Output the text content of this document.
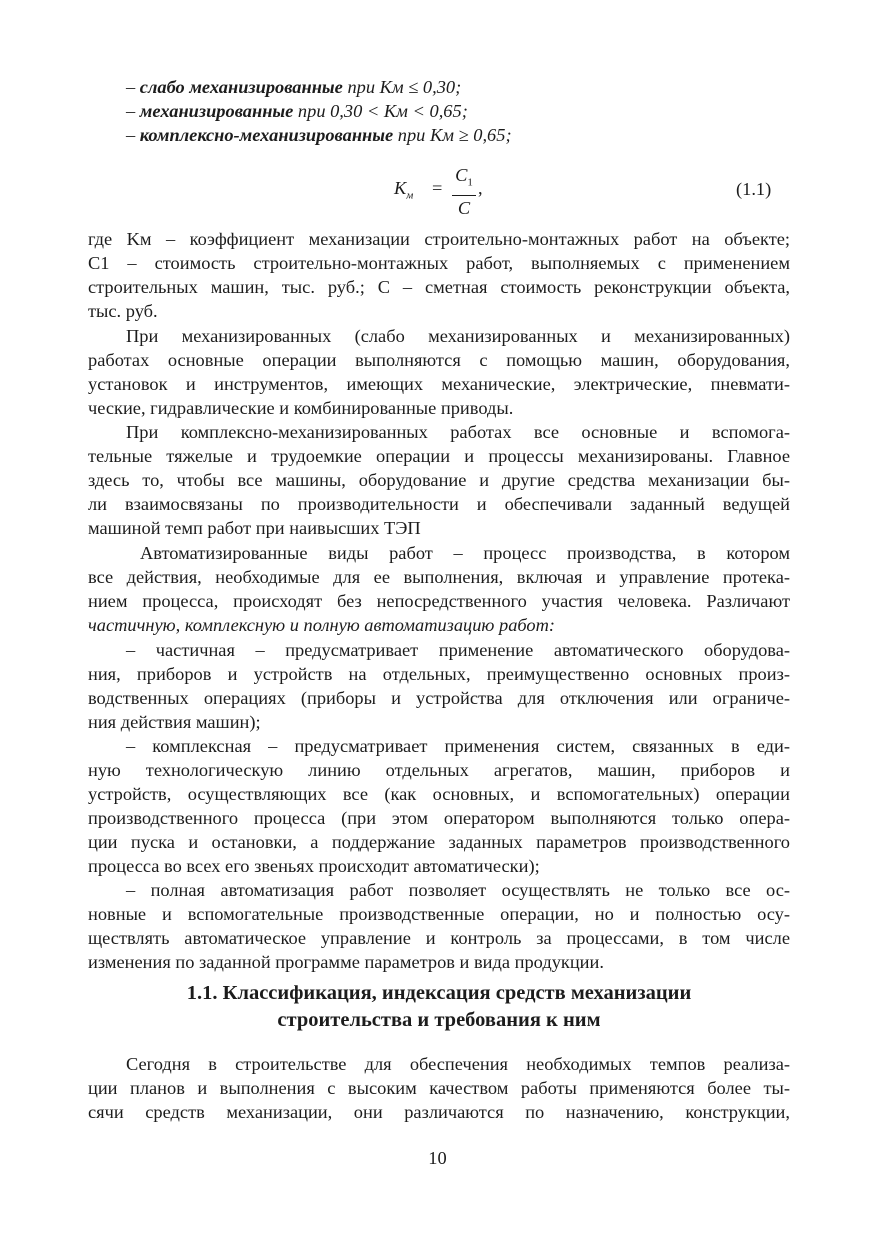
– слабо механизированные при Kм ≤ 0,30;
– механизированные при 0,30 < Kм < 0,65;
– комплексно-механизированные при Kм ≥ 0,65;
$K_м$ =
$C_1$
C
,	(1.1)
где Kм – коэффициент механизации строительно-монтажных работ на объекте;
C1 – стоимость строительно-монтажных работ, выполняемых с применением
строительных машин, тыс. руб.; C – сметная стоимость реконструкции объекта,
тыс. руб.
При механизированных (слабо механизированных и механизированных)
работах основные операции выполняются с помощью машин, оборудования,
установок и инструментов, имеющих механические, электрические, пневмати-
ческие, гидравлические и комбинированные приводы.
При комплексно-механизированных работах все основные и вспомога-
тельные тяжелые и трудоемкие операции и процессы механизированы. Главное
здесь то, чтобы все машины, оборудование и другие средства механизации бы-
ли взаимосвязаны по производительности и обеспечивали заданный ведущей
машиной темп работ при наивысших ТЭП
Автоматизированные виды работ – процесс производства, в котором
все действия, необходимые для ее выполнения, включая и управление протека-
нием процесса, происходят без непосредственного участия человека. Различают
частичную, комплексную и полную автоматизацию работ:
– частичная – предусматривает применение автоматического оборудова-
ния, приборов и устройств на отдельных, преимущественно основных произ-
водственных операциях (приборы и устройства для отключения или ограниче-
ния действия машин);
– комплексная – предусматривает применения систем, связанных в еди-
ную технологическую линию отдельных агрегатов, машин, приборов и
устройств, осуществляющих все (как основных, и вспомогательных) операции
производственного процесса (при этом оператором выполняются только опера-
ции пуска и остановки, а поддержание заданных параметров производственного
процесса во всех его звеньях происходит автоматически);
– полная автоматизация работ позволяет осуществлять не только все ос-
новные и вспомогательные производственные операции, но и полностью осу-
ществлять автоматическое управление и контроль за процессами, в том числе
изменения по заданной программе параметров и вида продукции.
1.1. Классификация, индексация средств механизации
строительства и требования к ним
Сегодня в строительстве для обеспечения необходимых темпов реализа-
ции планов и выполнения с высоким качеством работы применяются более ты-
сячи средств механизации, они различаются по назначению, конструкции,
10
